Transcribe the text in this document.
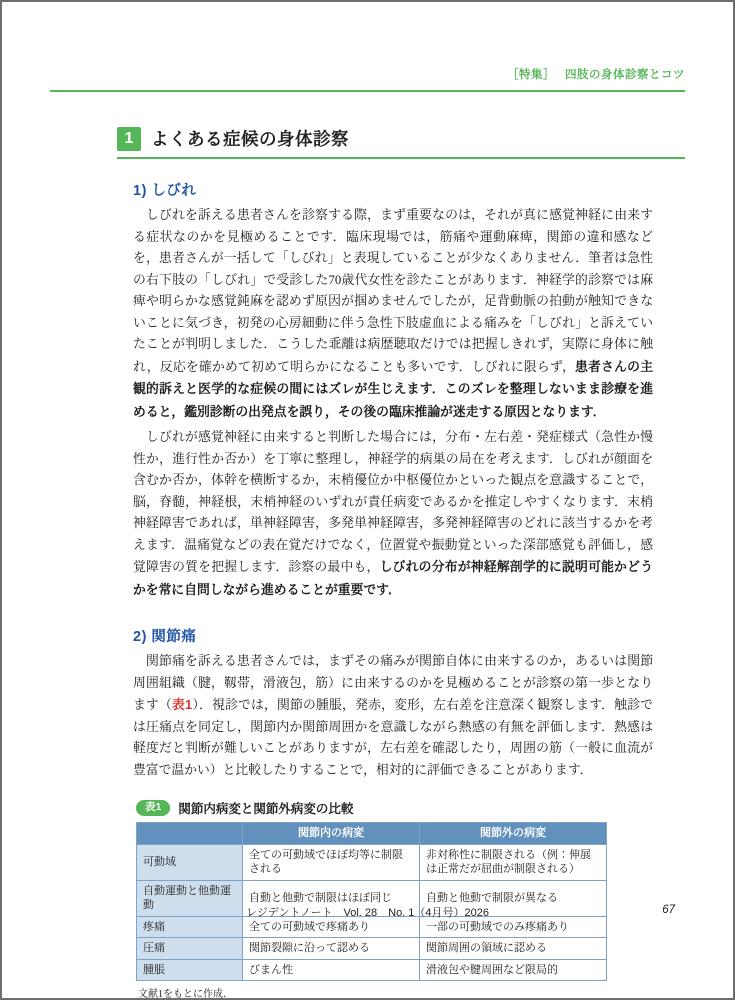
［特集］ 四肢の身体診察とコツ
1	よくある症候の身体診察
1) しびれ

　しびれを訴える患者さんを診察する際，まず重要なのは，それが真に感覚神経に由来する症状なのかを見極めることです．臨床現場では，筋痛や運動麻痺，関節の違和感などを，患者さんが一括して「しびれ」と表現していることが少なくありません．筆者は急性の右下肢の「しびれ」で受診した70歳代女性を診たことがあります．神経学的診察では麻痺や明らかな感覚鈍麻を認めず原因が掴めませんでしたが，足背動脈の拍動が触知できないことに気づき，初発の心房細動に伴う急性下肢虚血による痛みを「しびれ」と訴えていたことが判明しました．こうした乖離は病歴聴取だけでは把握しきれず，実際に身体に触れ，反応を確かめて初めて明らかになることも多いです．しびれに限らず，患者さんの主観的訴えと医学的な症候の間にはズレが生じえます．このズレを整理しないまま診療を進めると，鑑別診断の出発点を誤り，その後の臨床推論が迷走する原因となります．

　しびれが感覚神経に由来すると判断した場合には，分布・左右差・発症様式（急性か慢性か，進行性か否か）を丁寧に整理し，神経学的病巣の局在を考えます．しびれが顔面を含むか否か，体幹を横断するか，末梢優位か中枢優位かといった観点を意識することで，脳，脊髄，神経根，末梢神経のいずれが責任病変であるかを推定しやすくなります．末梢神経障害であれば，単神経障害，多発単神経障害，多発神経障害のどれに該当するかを考えます．温痛覚などの表在覚だけでなく，位置覚や振動覚といった深部感覚も評価し，感覚障害の質を把握します．診察の最中も，しびれの分布が神経解剖学的に説明可能かどうかを常に自問しながら進めることが重要です．

2) 関節痛

　関節痛を訴える患者さんでは，まずその痛みが関節自体に由来するのか，あるいは関節周囲組織（腱，靱帯，滑液包，筋）に由来するのかを見極めることが診察の第一歩となります（表1）．視診では，関節の腫脹，発赤，変形，左右差を注意深く観察します．触診では圧痛点を同定し，関節内か関節周囲かを意識しながら熱感の有無を評価します．熱感は軽度だと判断が難しいことがありますが，左右差を確認したり，周囲の筋（一般に血流が豊富で温かい）と比較したりすることで，相対的に評価できることがあります．

表1	関節内病変と関節外病変の比較
	関節内の病変	関節外の病変
可動域	全ての可動域でほぼ均等に制限される	非対称性に制限される（例：伸展は正常だが屈曲が制限される）
自動運動と他動運動	自動と他動で制限はほぼ同じ	自動と他動で制限が異なる
疼痛	全ての可動域で疼痛あり	一部の可動域でのみ疼痛あり
圧痛	関節裂隙に沿って認める	関節周囲の領域に認める
腫脹	びまん性	滑液包や腱周囲など限局的
文献1をもとに作成．
レジデントノート　Vol. 28　No. 1（4月号）2026	67
